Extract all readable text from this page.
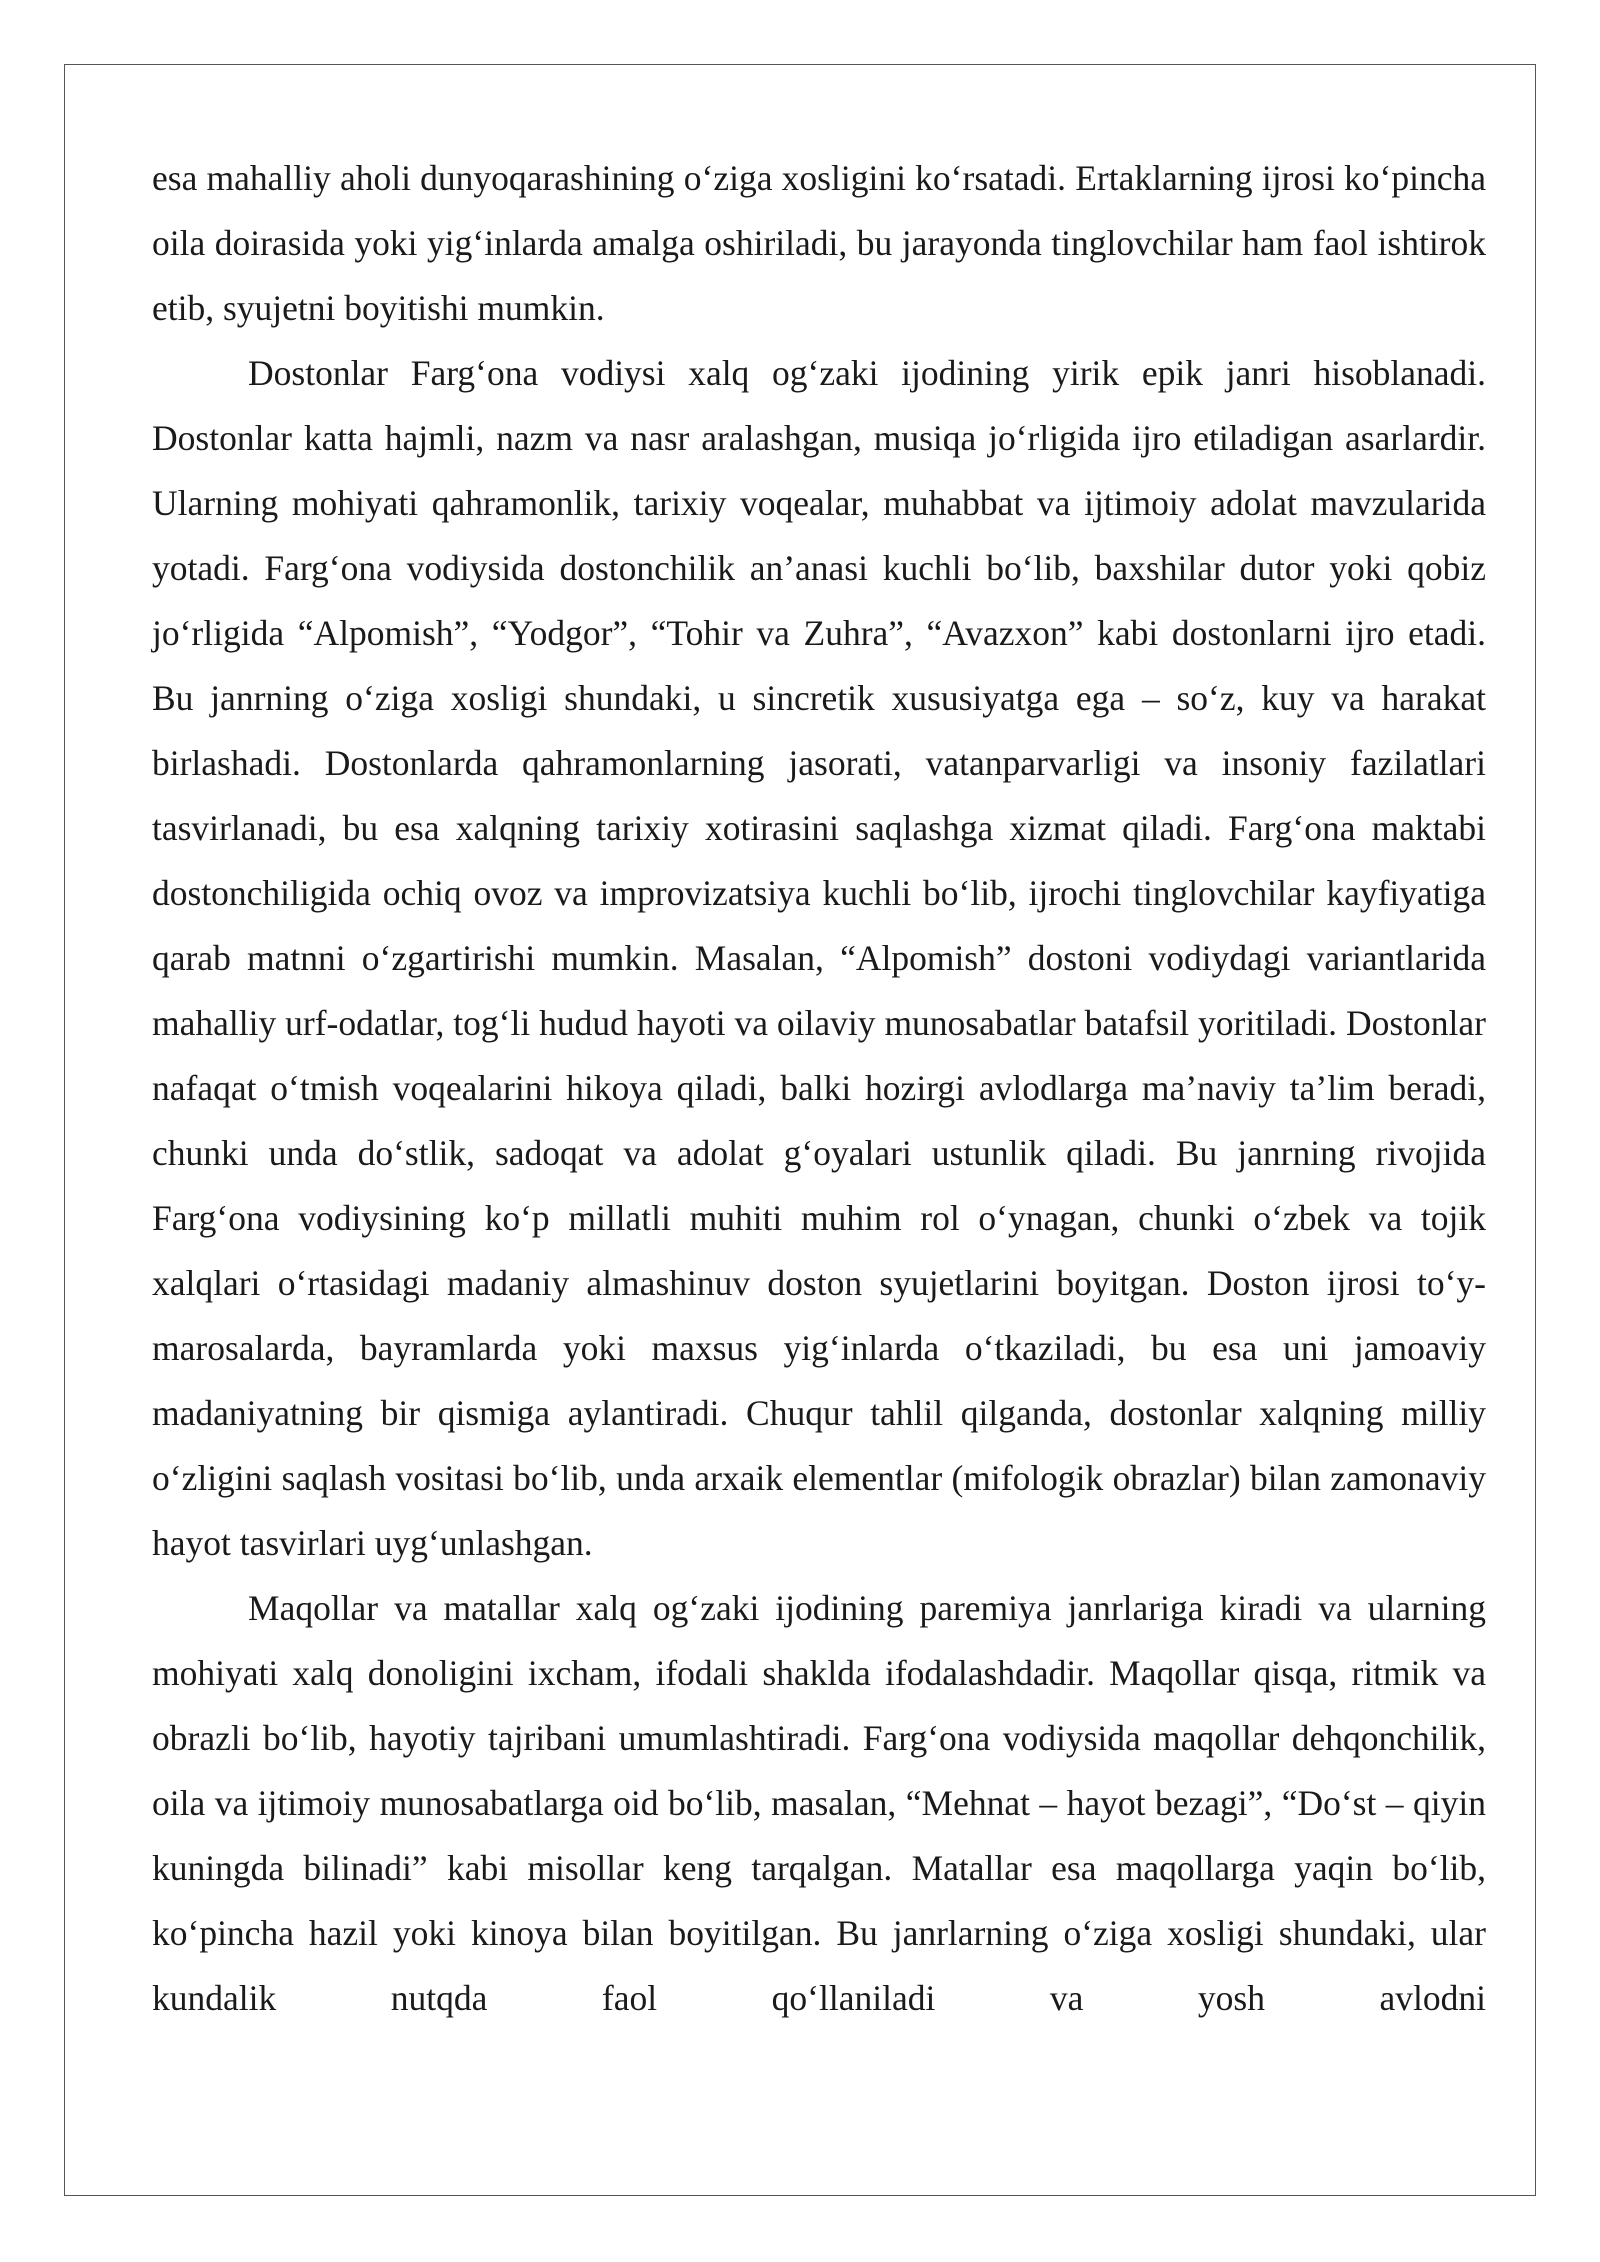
esa mahalliy aholi dunyoqarashining o‘ziga xosligini ko‘rsatadi. Ertaklarning ijrosi ko‘pincha oila doirasida yoki yig‘inlarda amalga oshiriladi, bu jarayonda tinglovchilar ham faol ishtirok etib, syujetni boyitishi mumkin.

Dostonlar Farg‘ona vodiysi xalq og‘zaki ijodining yirik epik janri hisoblanadi. Dostonlar katta hajmli, nazm va nasr aralashgan, musiqa jo‘rligida ijro etiladigan asarlardir. Ularning mohiyati qahramonlik, tarixiy voqealar, muhabbat va ijtimoiy adolat mavzularida yotadi. Farg‘ona vodiysida dostonchilik an’anasi kuchli bo‘lib, baxshilar dutor yoki qobiz jo‘rligida “Alpomish”, “Yodgor”, “Tohir va Zuhra”, “Avazxon” kabi dostonlarni ijro etadi. Bu janrning o‘ziga xosligi shundaki, u sincretik xususiyatga ega – so‘z, kuy va harakat birlashadi. Dostonlarda qahramonlarning jasorati, vatanparvarligi va insoniy fazilatlari tasvirlanadi, bu esa xalqning tarixiy xotirasini saqlashga xizmat qiladi. Farg‘ona maktabi dostonchiligida ochiq ovoz va improvizatsiya kuchli bo‘lib, ijrochi tinglovchilar kayfiyatiga qarab matnni o‘zgartirishi mumkin. Masalan, “Alpomish” dostoni vodiydagi variantlarida mahalliy urf-odatlar, tog‘li hudud hayoti va oilaviy munosabatlar batafsil yoritiladi. Dostonlar nafaqat o‘tmish voqealarini hikoya qiladi, balki hozirgi avlodlarga ma’naviy ta’lim beradi, chunki unda do‘stlik, sadoqat va adolat g‘oyalari ustunlik qiladi. Bu janrning rivojida Farg‘ona vodiysining ko‘p millatli muhiti muhim rol o‘ynagan, chunki o‘zbek va tojik xalqlari o‘rtasidagi madaniy almashinuv doston syujetlarini boyitgan. Doston ijrosi to‘y-marosalarda, bayramlarda yoki maxsus yig‘inlarda o‘tkaziladi, bu esa uni jamoaviy madaniyatning bir qismiga aylantiradi. Chuqur tahlil qilganda, dostonlar xalqning milliy o‘zligini saqlash vositasi bo‘lib, unda arxaik elementlar (mifologik obrazlar) bilan zamonaviy hayot tasvirlari uyg‘unlashgan.

Maqollar va matallar xalq og‘zaki ijodining paremiya janrlariga kiradi va ularning mohiyati xalq donoligini ixcham, ifodali shaklda ifodalashdadir. Maqollar qisqa, ritmik va obrazli bo‘lib, hayotiy tajribani umumlashtiradi. Farg‘ona vodiysida maqollar dehqonchilik, oila va ijtimoiy munosabatlarga oid bo‘lib, masalan, “Mehnat – hayot bezagi”, “Do‘st – qiyin kuningda bilinadi” kabi misollar keng tarqalgan. Matallar esa maqollarga yaqin bo‘lib, ko‘pincha hazil yoki kinoya bilan boyitilgan. Bu janrlarning o‘ziga xosligi shundaki, ular kundalik nutqda faol qo‘llaniladi va yosh avlodni
